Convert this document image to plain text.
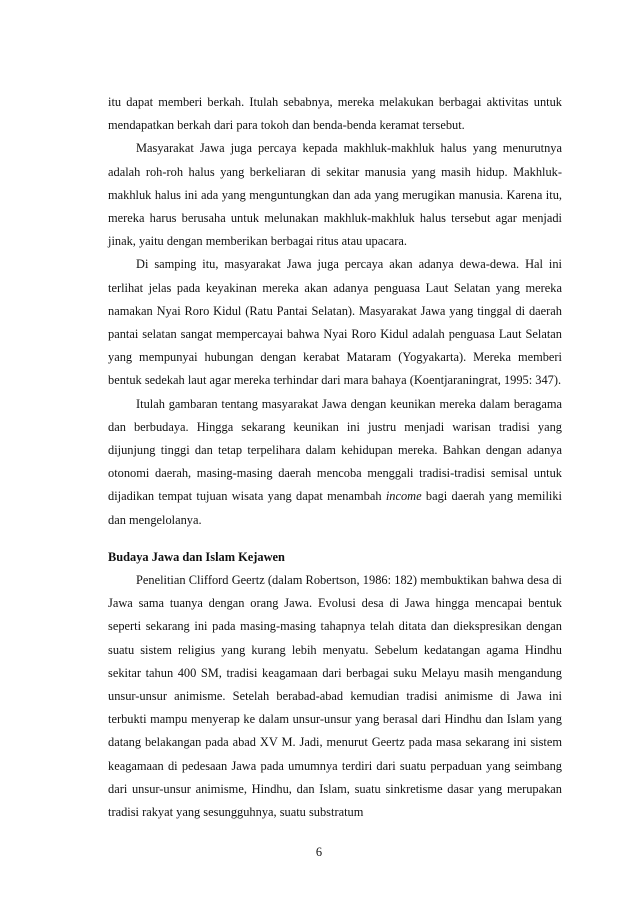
itu dapat memberi berkah. Itulah sebabnya, mereka melakukan berbagai aktivitas untuk mendapatkan berkah dari para tokoh dan benda-benda keramat tersebut.

Masyarakat Jawa juga percaya kepada makhluk-makhluk halus yang menurutnya adalah roh-roh halus yang berkeliaran di sekitar manusia yang masih hidup. Makhluk-makhluk halus ini ada yang menguntungkan dan ada yang merugikan manusia. Karena itu, mereka harus berusaha untuk melunakan makhluk-makhluk halus tersebut agar menjadi jinak, yaitu dengan memberikan berbagai ritus atau upacara.

Di samping itu, masyarakat Jawa juga percaya akan adanya dewa-dewa. Hal ini terlihat jelas pada keyakinan mereka akan adanya penguasa Laut Selatan yang mereka namakan Nyai Roro Kidul (Ratu Pantai Selatan). Masyarakat Jawa yang tinggal di daerah pantai selatan sangat mempercayai bahwa Nyai Roro Kidul adalah penguasa Laut Selatan yang mempunyai hubungan dengan kerabat Mataram (Yogyakarta). Mereka memberi bentuk sedekah laut agar mereka terhindar dari mara bahaya (Koentjaraningrat, 1995: 347).

Itulah gambaran tentang masyarakat Jawa dengan keunikan mereka dalam beragama dan berbudaya. Hingga sekarang keunikan ini justru menjadi warisan tradisi yang dijunjung tinggi dan tetap terpelihara dalam kehidupan mereka. Bahkan dengan adanya otonomi daerah, masing-masing daerah mencoba menggali tradisi-tradisi semisal untuk dijadikan tempat tujuan wisata yang dapat menambah income bagi daerah yang memiliki dan mengelolanya.

Budaya Jawa dan Islam Kejawen

Penelitian Clifford Geertz (dalam Robertson, 1986: 182) membuktikan bahwa desa di Jawa sama tuanya dengan orang Jawa. Evolusi desa di Jawa hingga mencapai bentuk seperti sekarang ini pada masing-masing tahapnya telah ditata dan diekspresikan dengan suatu sistem religius yang kurang lebih menyatu. Sebelum kedatangan agama Hindhu sekitar tahun 400 SM, tradisi keagamaan dari berbagai suku Melayu masih mengandung unsur-unsur animisme. Setelah berabad-abad kemudian tradisi animisme di Jawa ini terbukti mampu menyerap ke dalam unsur-unsur yang berasal dari Hindhu dan Islam yang datang belakangan pada abad XV M. Jadi, menurut Geertz pada masa sekarang ini sistem keagamaan di pedesaan Jawa pada umumnya terdiri dari suatu perpaduan yang seimbang dari unsur-unsur animisme, Hindhu, dan Islam, suatu sinkretisme dasar yang merupakan tradisi rakyat yang sesungguhnya, suatu substratum

6
